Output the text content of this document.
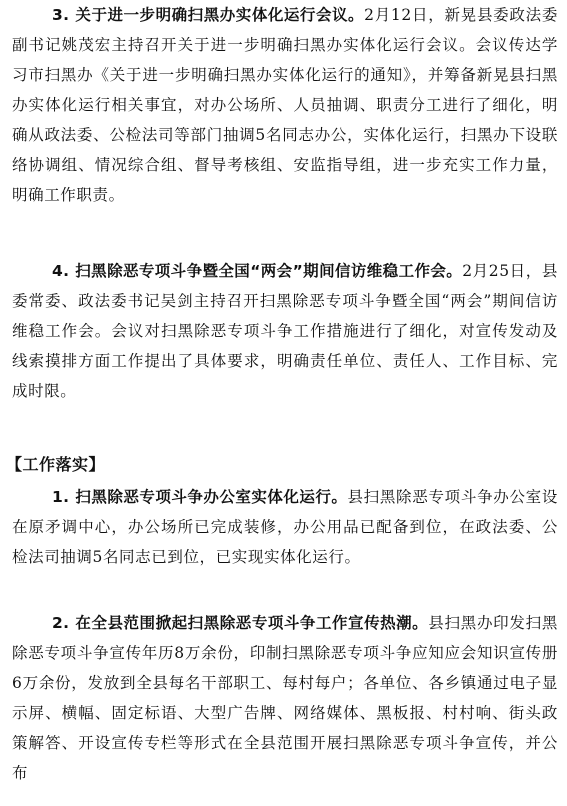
3. 关于进一步明确扫黑办实体化运行会议。2月12日，新晃县委政法委副书记姚茂宏主持召开关于进一步明确扫黑办实体化运行会议。会议传达学习市扫黑办《关于进一步明确扫黑办实体化运行的通知》，并筹备新晃县扫黑办实体化运行相关事宜，对办公场所、人员抽调、职责分工进行了细化，明确从政法委、公检法司等部门抽调5名同志办公，实体化运行，扫黑办下设联络协调组、情况综合组、督导考核组、安监指导组，进一步充实工作力量，明确工作职责。

4. 扫黑除恶专项斗争暨全国“两会”期间信访维稳工作会。2月25日，县委常委、政法委书记吴剑主持召开扫黑除恶专项斗争暨全国“两会”期间信访维稳工作会。会议对扫黑除恶专项斗争工作措施进行了细化，对宣传发动及线索摸排方面工作提出了具体要求，明确责任单位、责任人、工作目标、完成时限。

【工作落实】

1. 扫黑除恶专项斗争办公室实体化运行。县扫黑除恶专项斗争办公室设在原矛调中心，办公场所已完成装修，办公用品已配备到位，在政法委、公检法司抽调5名同志已到位，已实现实体化运行。

2. 在全县范围掀起扫黑除恶专项斗争工作宣传热潮。县扫黑办印发扫黑除恶专项斗争宣传年历8万余份，印制扫黑除恶专项斗争应知应会知识宣传册6万余份，发放到全县每名干部职工、每村每户；各单位、各乡镇通过电子显示屏、横幅、固定标语、大型广告牌、网络媒体、黑板报、村村响、街头政策解答、开设宣传专栏等形式在全县范围开展扫黑除恶专项斗争宣传，并公布
